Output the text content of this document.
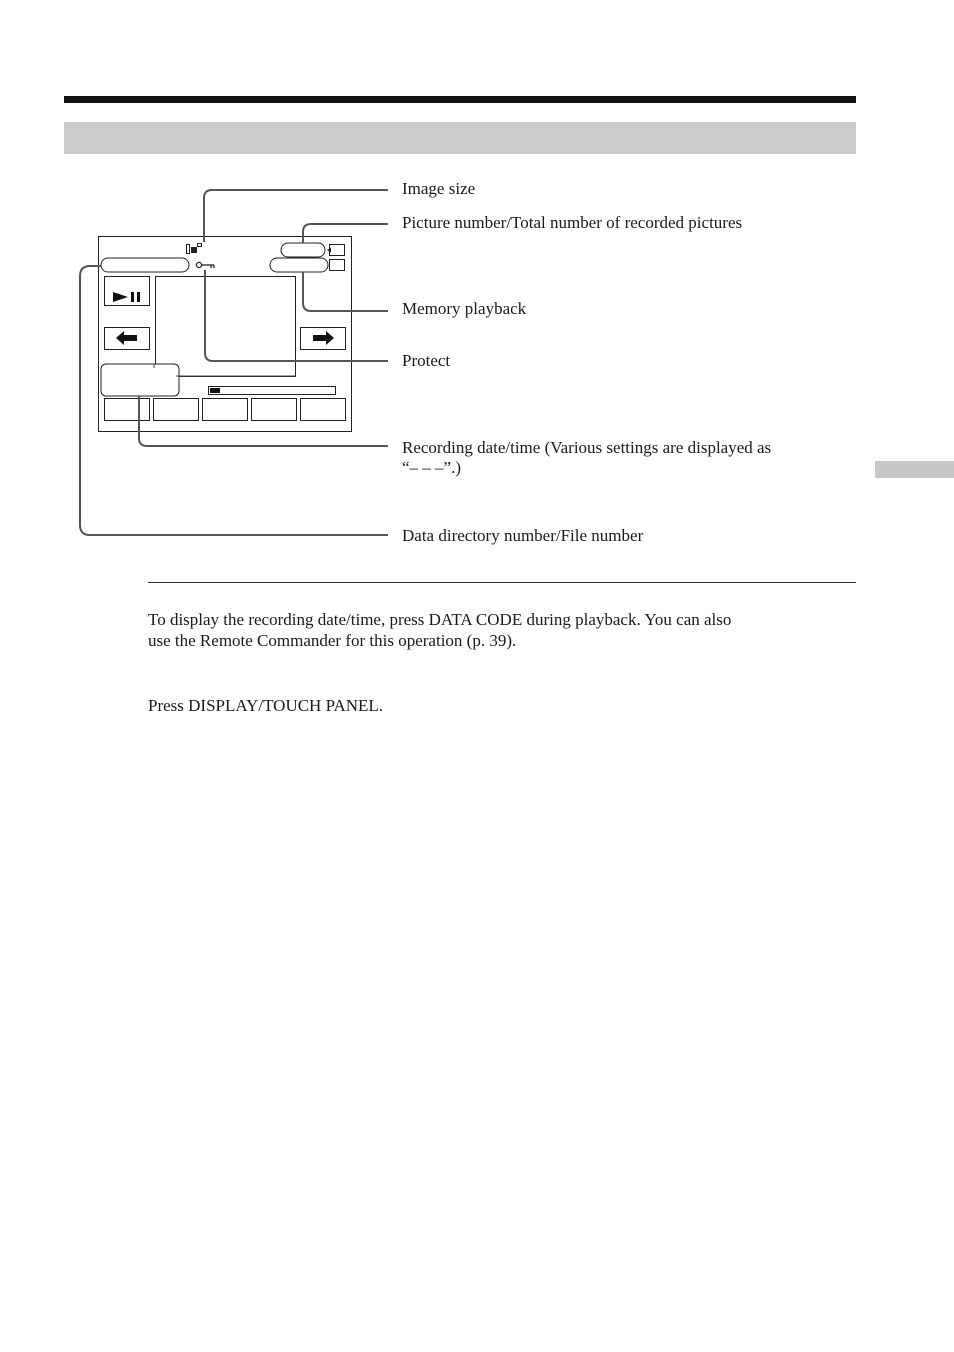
Image size
Picture number/Total number of recorded pictures
Memory playback
Protect
Recording date/time (Various settings are displayed as
“– – –”.)
Data directory number/File number
To display the recording date/time, press DATA CODE during playback. You can also
use the Remote Commander for this operation (p. 39).
Press DISPLAY/TOUCH PANEL.
